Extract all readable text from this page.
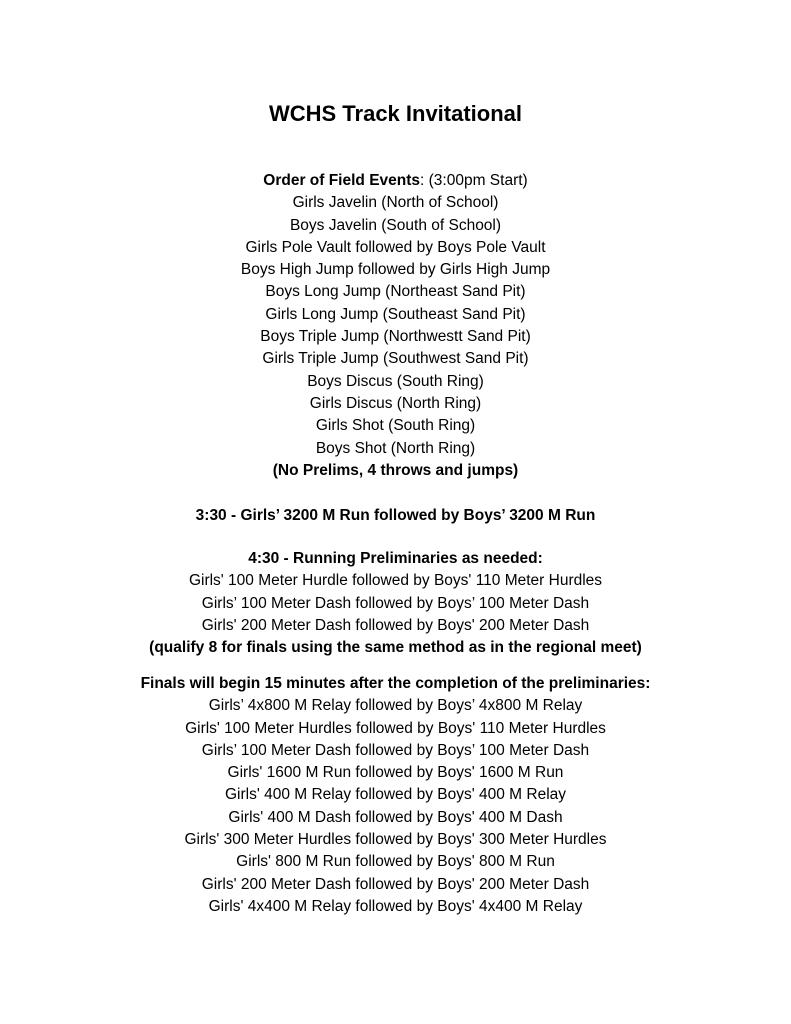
WCHS Track Invitational
Order of Field Events: (3:00pm Start)
Girls Javelin (North of School)
Boys Javelin (South of School)
Girls Pole Vault followed by Boys Pole Vault
Boys High Jump followed by Girls High Jump
Boys Long Jump (Northeast Sand Pit)
Girls Long Jump (Southeast Sand Pit)
Boys Triple Jump (Northwestt Sand Pit)
Girls Triple Jump (Southwest Sand Pit)
Boys Discus (South Ring)
Girls Discus (North Ring)
Girls Shot (South Ring)
Boys Shot (North Ring)
(No Prelims, 4 throws and jumps)
3:30 - Girls’ 3200 M Run followed by Boys’ 3200 M Run
4:30 - Running Preliminaries as needed:
Girls' 100 Meter Hurdle followed by Boys' 110 Meter Hurdles
Girls’ 100 Meter Dash followed by Boys’ 100 Meter Dash
Girls' 200 Meter Dash followed by Boys' 200 Meter Dash
(qualify 8 for finals using the same method as in the regional meet)
Finals will begin 15 minutes after the completion of the preliminaries:
Girls’ 4x800 M Relay followed by Boys’ 4x800 M Relay
Girls' 100 Meter Hurdles followed by Boys' 110 Meter Hurdles
Girls’ 100 Meter Dash followed by Boys’ 100 Meter Dash
Girls' 1600 M Run followed by Boys' 1600 M Run
Girls' 400 M Relay followed by Boys' 400 M Relay
Girls' 400 M Dash followed by Boys' 400 M Dash
Girls' 300 Meter Hurdles followed by Boys' 300 Meter Hurdles
Girls' 800 M Run followed by Boys' 800 M Run
Girls' 200 Meter Dash followed by Boys' 200 Meter Dash
Girls' 4x400 M Relay followed by Boys' 4x400 M Relay
